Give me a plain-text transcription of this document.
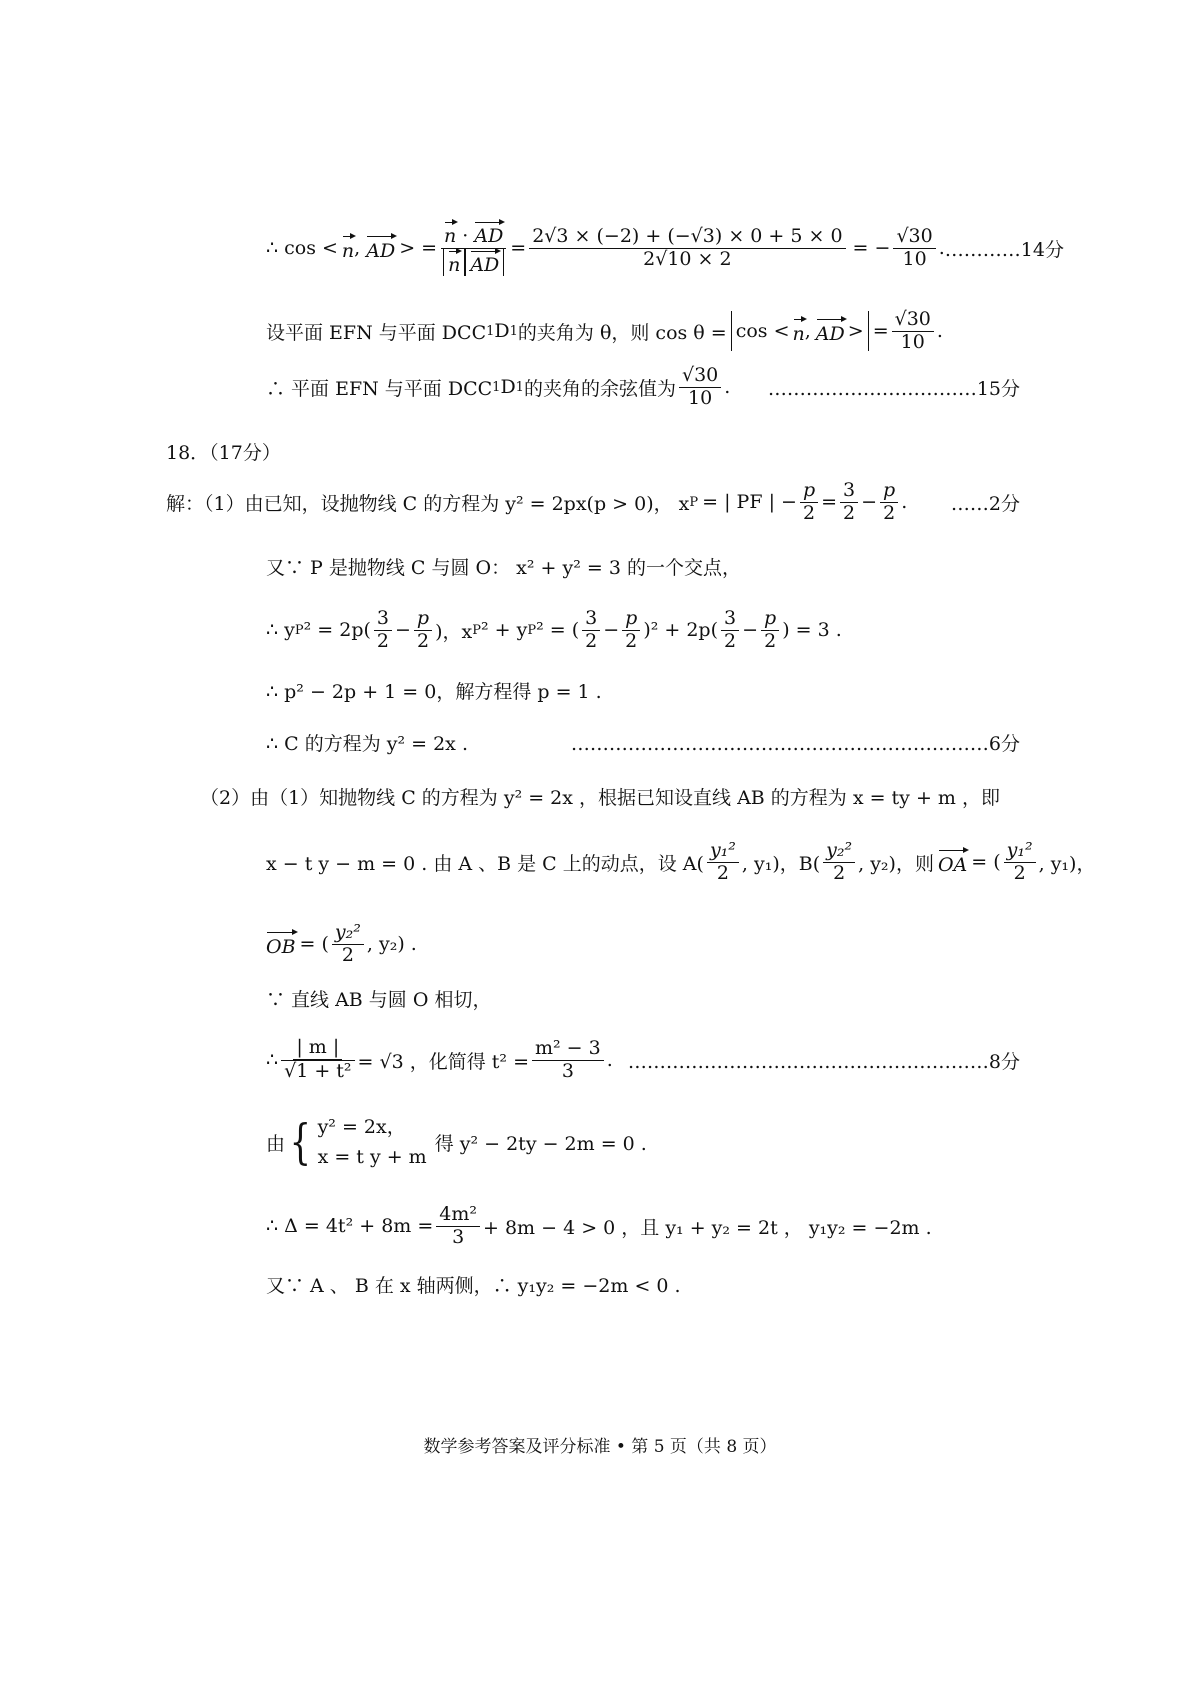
∴ cos < n , AD > = $\frac{n \cdot AD}{\text{n AD}} = \frac{2√3 \times (-2) + (-√3) \times 0 + 5 \times 0}{2√10 \times 2}$ = − $\frac{√30}{10}$ . …………14分
设平面 EFN 与平面 DCC 1 D 1 的夹角为 θ，则 cos θ = cos < n , AD > = $\frac{√30}{10}$ .
∴ 平面 EFN 与平面 DCC 1 D 1 的夹角的余弦值为 $\frac{√30}{10}$ . ……………………………15分
18．（17分）
解：（1）由已知，设抛物线 C 的方程为 y² = 2px(p > 0)， x P = | PF | − $\frac{p}{2} = \frac{3}{2} - \frac{p}{2}$ . ……2分
又∵ P 是抛物线 C 与圆 O： x² + y² = 3 的一个交点，
∴ y P $^2 = 2p( \frac{3}{2} - \frac{p}{2}$ )，x P ² + y P ² = ( $\frac{3}{2} - \frac{p}{2} )^2 + 2p( \frac{3}{2} - \frac{p}{2}$ ) = 3 .
∴ p² − 2p + 1 = 0，解方程得 p = 1 .
∴ C 的方程为 y² = 2x .	…………………………………………………………6分
（2）由（1）知抛物线 C 的方程为 y² = 2x ，根据已知设直线 AB 的方程为 x = ty + m ，即
x − t y − m = 0 . 由 A 、B 是 C 上的动点，设 $A( \frac{\text{y₁²}}{2}$ , y₁)，$B( \frac{\text{y₂²}}{2}$ , y₂)，则 OA = ( $\frac{\text{y₁²}}{2}$ , y₁)，
OB = ( $\frac{\text{y₂²}}{2}$ , y₂) .
∵ 直线 AB 与圆 O 相切，
∴ $\frac{| m |}{\text{√1 + t²}} = √3$ ，化简得 $t^2 = \frac{\text{m² − 3}}{3}$ . …………………………………………………8分
由 { y² = 2x，
x = t y + m
得 y² − 2ty − 2m = 0 .
∴ $\Delta = 4t^2 + 8m = \frac{\text{4m²}}{3} + 8m - 4 > 0$ ，且 y₁ + y₂ = 2t ， y₁y₂ = −2m .
又∵ A 、 B 在 x 轴两侧，∴ y₁y₂ = −2m < 0 .
数学参考答案及评分标准 • 第 5 页（共 8 页）
